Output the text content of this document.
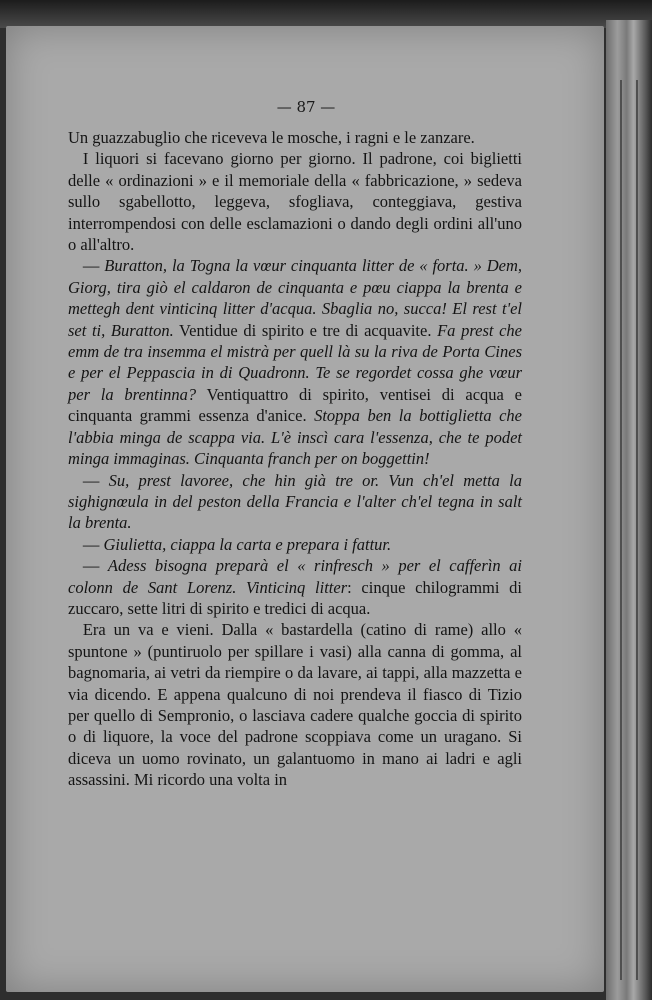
— 87 —

Un guazzabuglio che riceveva le mosche, i ragni e le zanzare.

I liquori si facevano giorno per giorno. Il padrone, coi biglietti delle « ordinazioni » e il memoriale della « fabbricazione, » sedeva sullo sgabellotto, leggeva, sfogliava, conteggiava, gestiva interrompendosi con delle esclamazioni o dando degli ordini all'uno o all'altro.

— Buratton, la Togna la vœur cinquanta litter de « forta. » Dem, Giorg, tira giò el caldaron de cinquanta e pœu ciappa la brenta e mettegh dent vinticinq litter d'acqua. Sbaglia no, succa! El rest t'el set ti, Buratton. Ventidue di spirito e tre di acquavite. Fa prest che emm de tra insemma el mistrà per quell là su la riva de Porta Cines e per el Peppascia in di Quadronn. Te se regordet cossa ghe vœur per la brentinna? Ventiquattro di spirito, ventisei di acqua e cinquanta grammi essenza d'anice. Stoppa ben la bottiglietta che l'abbia minga de scappa via. L'è inscì cara l'essenza, che te podet minga immaginas. Cinquanta franch per on boggettin!

— Su, prest lavoree, che hin già tre or. Vun ch'el metta la sighignœula in del peston della Francia e l'alter ch'el tegna in salt la brenta.

— Giulietta, ciappa la carta e prepara i fattur.

— Adess bisogna preparà el « rinfresch » per el cafferìn ai colonn de Sant Lorenz. Vinticinq litter: cinque chilogrammi di zuccaro, sette litri di spirito e tredici di acqua.

Era un va e vieni. Dalla « bastardella (catino di rame) allo « spuntone » (puntiruolo per spillare i vasi) alla canna di gomma, al bagnomaria, ai vetri da riempire o da lavare, ai tappi, alla mazzetta e via dicendo. E appena qualcuno di noi prendeva il fiasco di Tizio per quello di Sempronio, o lasciava cadere qualche goccia di spirito o di liquore, la voce del padrone scoppiava come un uragano. Si diceva un uomo rovinato, un galantuomo in mano ai ladri e agli assassini. Mi ricordo una volta in
